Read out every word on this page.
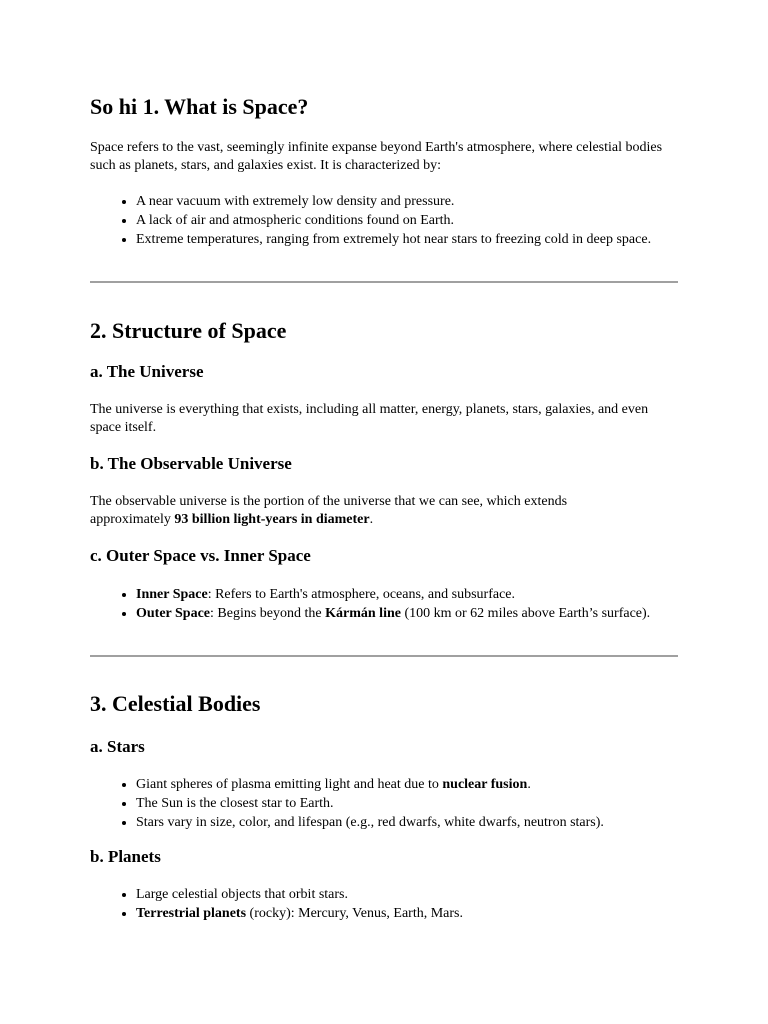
So hi 1. What is Space?

Space refers to the vast, seemingly infinite expanse beyond Earth's atmosphere, where celestial bodies such as planets, stars, and galaxies exist. It is characterized by:

• A near vacuum with extremely low density and pressure.
• A lack of air and atmospheric conditions found on Earth.
• Extreme temperatures, ranging from extremely hot near stars to freezing cold in deep space.
2. Structure of Space
a. The Universe

The universe is everything that exists, including all matter, energy, planets, stars, galaxies, and even space itself.

b. The Observable Universe

The observable universe is the portion of the universe that we can see, which extends approximately 93 billion light-years in diameter.

c. Outer Space vs. Inner Space
• Inner Space: Refers to Earth's atmosphere, oceans, and subsurface.
• Outer Space: Begins beyond the Kármán line (100 km or 62 miles above Earth’s surface).
3. Celestial Bodies
a. Stars
• Giant spheres of plasma emitting light and heat due to nuclear fusion.
• The Sun is the closest star to Earth.
• Stars vary in size, color, and lifespan (e.g., red dwarfs, white dwarfs, neutron stars).
b. Planets
• Large celestial objects that orbit stars.
• Terrestrial planets (rocky): Mercury, Venus, Earth, Mars.
